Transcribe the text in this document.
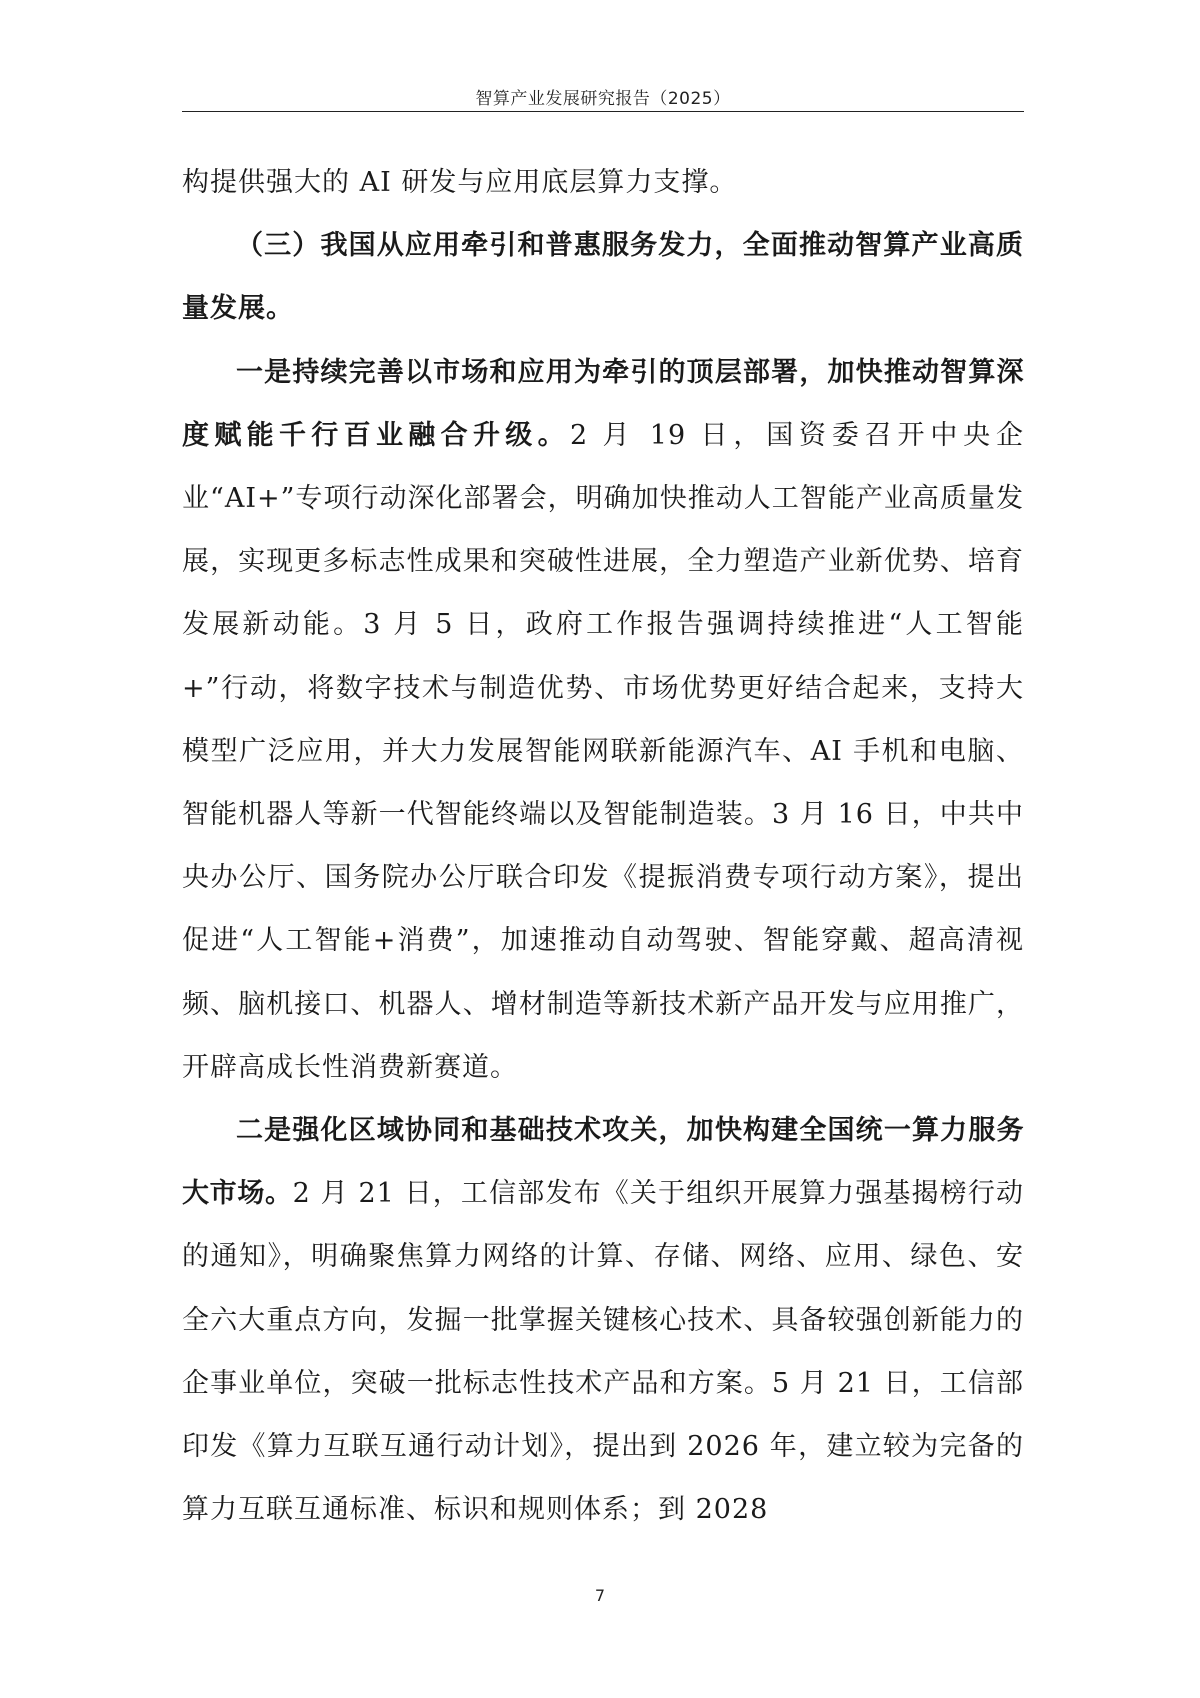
智算产业发展研究报告（2025）

构提供强大的 AI 研发与应用底层算力支撑。

（三）我国从应用牵引和普惠服务发力，全面推动智算产业高质量发展。

一是持续完善以市场和应用为牵引的顶层部署，加快推动智算深度赋能千行百业融合升级。2 月 19 日，国资委召开中央企业“AI+”专项行动深化部署会，明确加快推动人工智能产业高质量发展，实现更多标志性成果和突破性进展，全力塑造产业新优势、培育发展新动能。3 月 5 日，政府工作报告强调持续推进“人工智能+”行动，将数字技术与制造优势、市场优势更好结合起来，支持大模型广泛应用，并大力发展智能网联新能源汽车、AI 手机和电脑、智能机器人等新一代智能终端以及智能制造装。3 月 16 日，中共中央办公厅、国务院办公厅联合印发《提振消费专项行动方案》，提出促进“人工智能+消费”，加速推动自动驾驶、智能穿戴、超高清视频、脑机接口、机器人、增材制造等新技术新产品开发与应用推广，开辟高成长性消费新赛道。

二是强化区域协同和基础技术攻关，加快构建全国统一算力服务大市场。2 月 21 日，工信部发布《关于组织开展算力强基揭榜行动的通知》，明确聚焦算力网络的计算、存储、网络、应用、绿色、安全六大重点方向，发掘一批掌握关键核心技术、具备较强创新能力的企事业单位，突破一批标志性技术产品和方案。5 月 21 日，工信部印发《算力互联互通行动计划》，提出到 2026 年，建立较为完备的算力互联互通标准、标识和规则体系；到 2028

7
